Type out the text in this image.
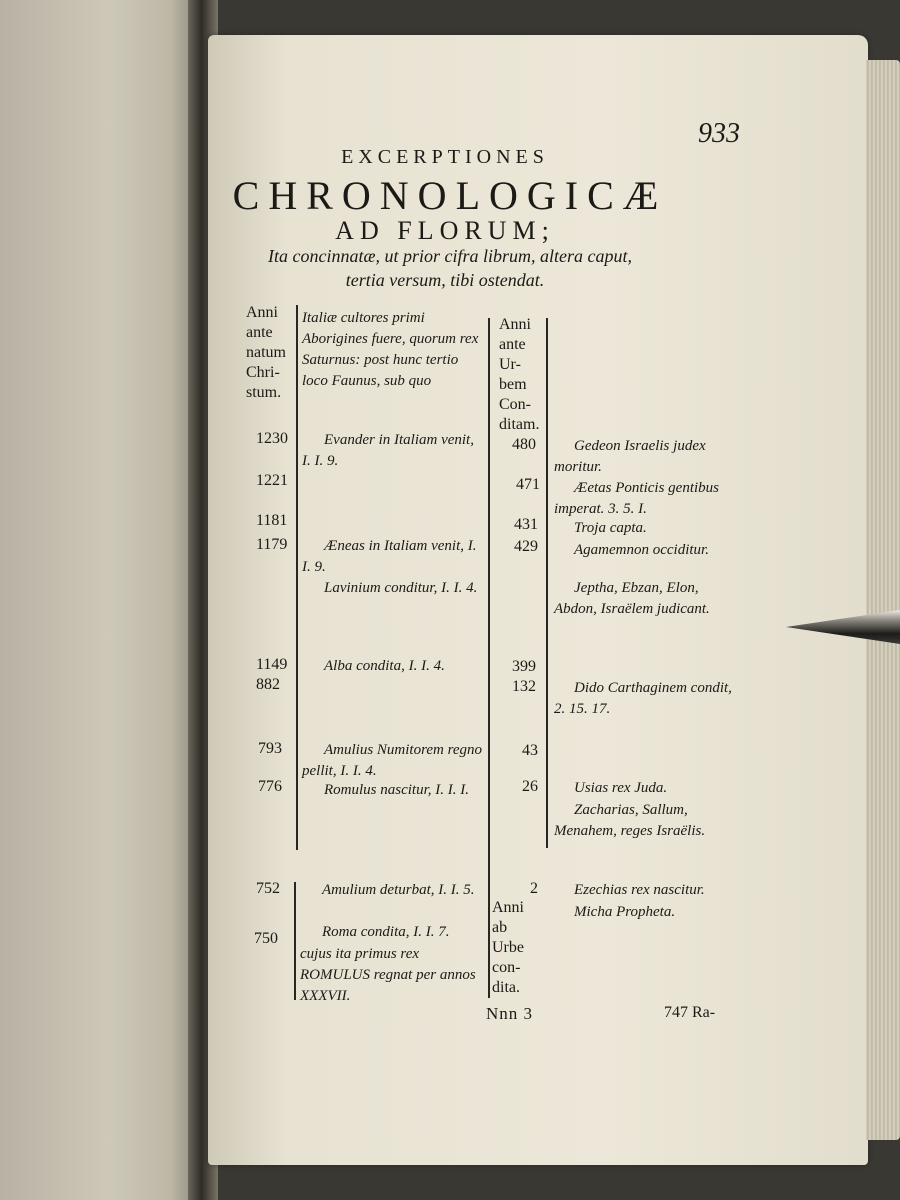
933
EXCERPTIONES
CHRONOLOGICÆ
AD FLORUM;
Ita concinnatæ, ut prior cifra librum, altera caput,
tertia versum, tibi ostendat.
Anni
ante
natum
Chri-
stum.
Anni
ante
Ur-
bem
Con-
ditam.
Anni
ab
Urbe
con-
dita.
1230
1221
1181
1179
1149
882
793
776
752
750
Italiæ cultores primi Aborigines fuere, quorum rex Saturnus: post hunc tertio loco Faunus, sub quo
Evander in Italiam venit, I. I. 9.
Æneas in Italiam venit, I. I. 9.
Lavinium conditur, I. I. 4.
Alba condita, I. I. 4.
Amulius Numitorem regno pellit, I. I. 4.
Romulus nascitur, I. I. I.
Amulium deturbat, I. I. 5.
Roma condita, I. I. 7.
cujus ita primus rex ROMULUS regnat per annos XXXVII.
480
471
431
429
399
132
43
26
2
Gedeon Israelis judex moritur.
Æetas Ponticis gentibus imperat. 3. 5. I.
Troja capta.
Agamemnon occiditur.
Jeptha, Ebzan, Elon, Abdon, Israëlem judicant.
Dido Carthaginem condit, 2. 15. 17.
Usias rex Juda.
Zacharias, Sallum, Menahem, reges Israëlis.
Ezechias rex nascitur.
Micha Propheta.
Nnn 3	747 Ra-
